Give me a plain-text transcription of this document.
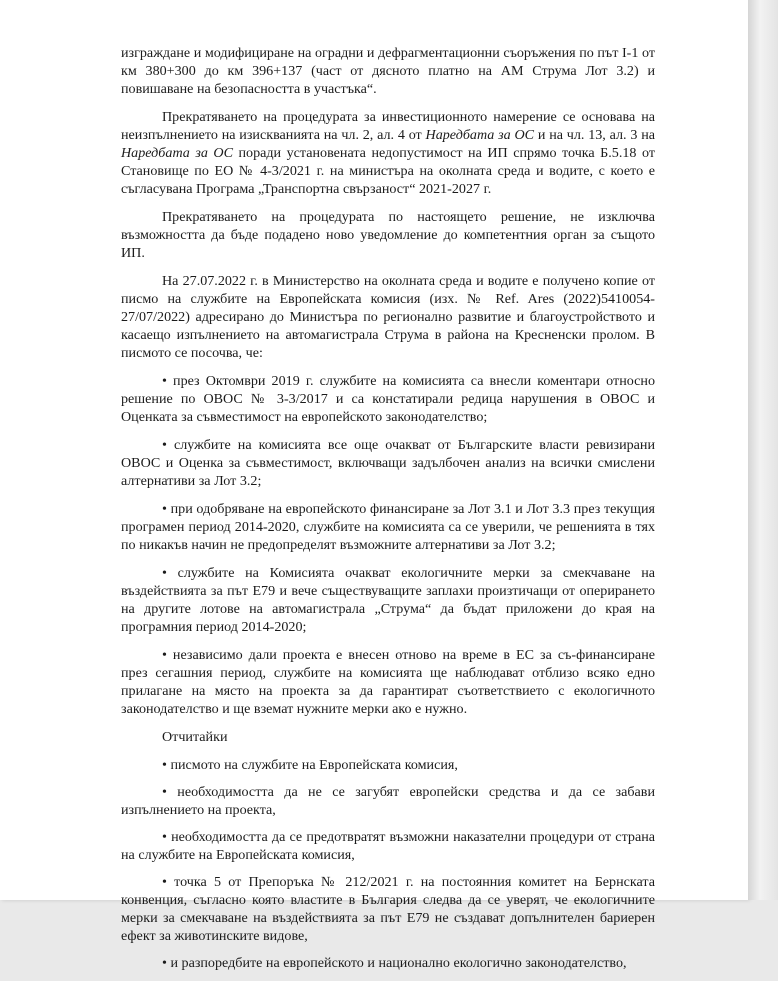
изграждане и модифициране на оградни и дефрагментационни съоръжения по път І-1 от км 380+300 до км 396+137 (част от дясното платно на АМ Струма Лот 3.2) и повишаване на безопасността в участъка“.

Прекратяването на процедурата за инвестиционното намерение се основава на неизпълнението на изискванията на чл. 2, ал. 4 от Наредбата за ОС и на чл. 13, ал. 3 на Наредбата за ОС поради установената недопустимост на ИП спрямо точка Б.5.18 от Становище по ЕО № 4-3/2021 г. на министъра на околната среда и водите, с което е съгласувана Програма „Транспортна свързаност“ 2021-2027 г.

Прекратяването на процедурата по настоящето решение, не изключва възможността да бъде подадено ново уведомление до компетентния орган за същото ИП.

На 27.07.2022 г. в Министерство на околната среда и водите е получено копие от писмо на службите на Европейската комисия (изх. № Ref. Ares (2022)5410054-27/07/2022) адресирано до Министъра по регионално развитие и благоустройството и касаещо изпълнението на автомагистрала Струма в района на Кресненски пролом. В писмото се посочва, че:

• през Октомври 2019 г. службите на комисията са внесли коментари относно решение по ОВОС № 3-3/2017 и са констатирали редица нарушения в ОВОС и Оценката за съвместимост на европейското законодателство;

• службите на комисията все още очакват от Българските власти ревизирани ОВОС и Оценка за съвместимост, включващи задълбочен анализ на всички смислени алтернативи за Лот 3.2;

• при одобряване на европейското финансиране за Лот 3.1 и Лот 3.3 през текущия програмен период 2014-2020, службите на комисията са се уверили, че решенията в тях по никакъв начин не предопределят възможните алтернативи за Лот 3.2;

• службите на Комисията очакват екологичните мерки за смекчаване на въздействията за път Е79 и вече съществуващите заплахи произтичащи от оперирането на другите лотове на автомагистрала „Струма“ да бъдат приложени до края на програмния период 2014-2020;

• независимо дали проекта е внесен отново на време в ЕС за съ-финансиране през сегашния период, службите на комисията ще наблюдават отблизо всяко едно прилагане на място на проекта за да гарантират съответствието с екологичното законодателство и ще вземат нужните мерки ако е нужно.

Отчитайки

• писмото на службите на Европейската комисия,

• необходимостта да не се загубят европейски средства и да се забави изпълнението на проекта,

• необходимостта да се предотвратят възможни наказателни процедури от страна на службите на Европейската комисия,

• точка 5 от Препоръка № 212/2021 г. на постоянния комитет на Бернската конвенция, съгласно която властите в България следва да се уверят, че екологичните мерки за смекчаване на въздействията за път Е79 не създават допълнителен бариерен ефект за животинските видове,

• и разпоредбите на европейското и национално екологично законодателство,
